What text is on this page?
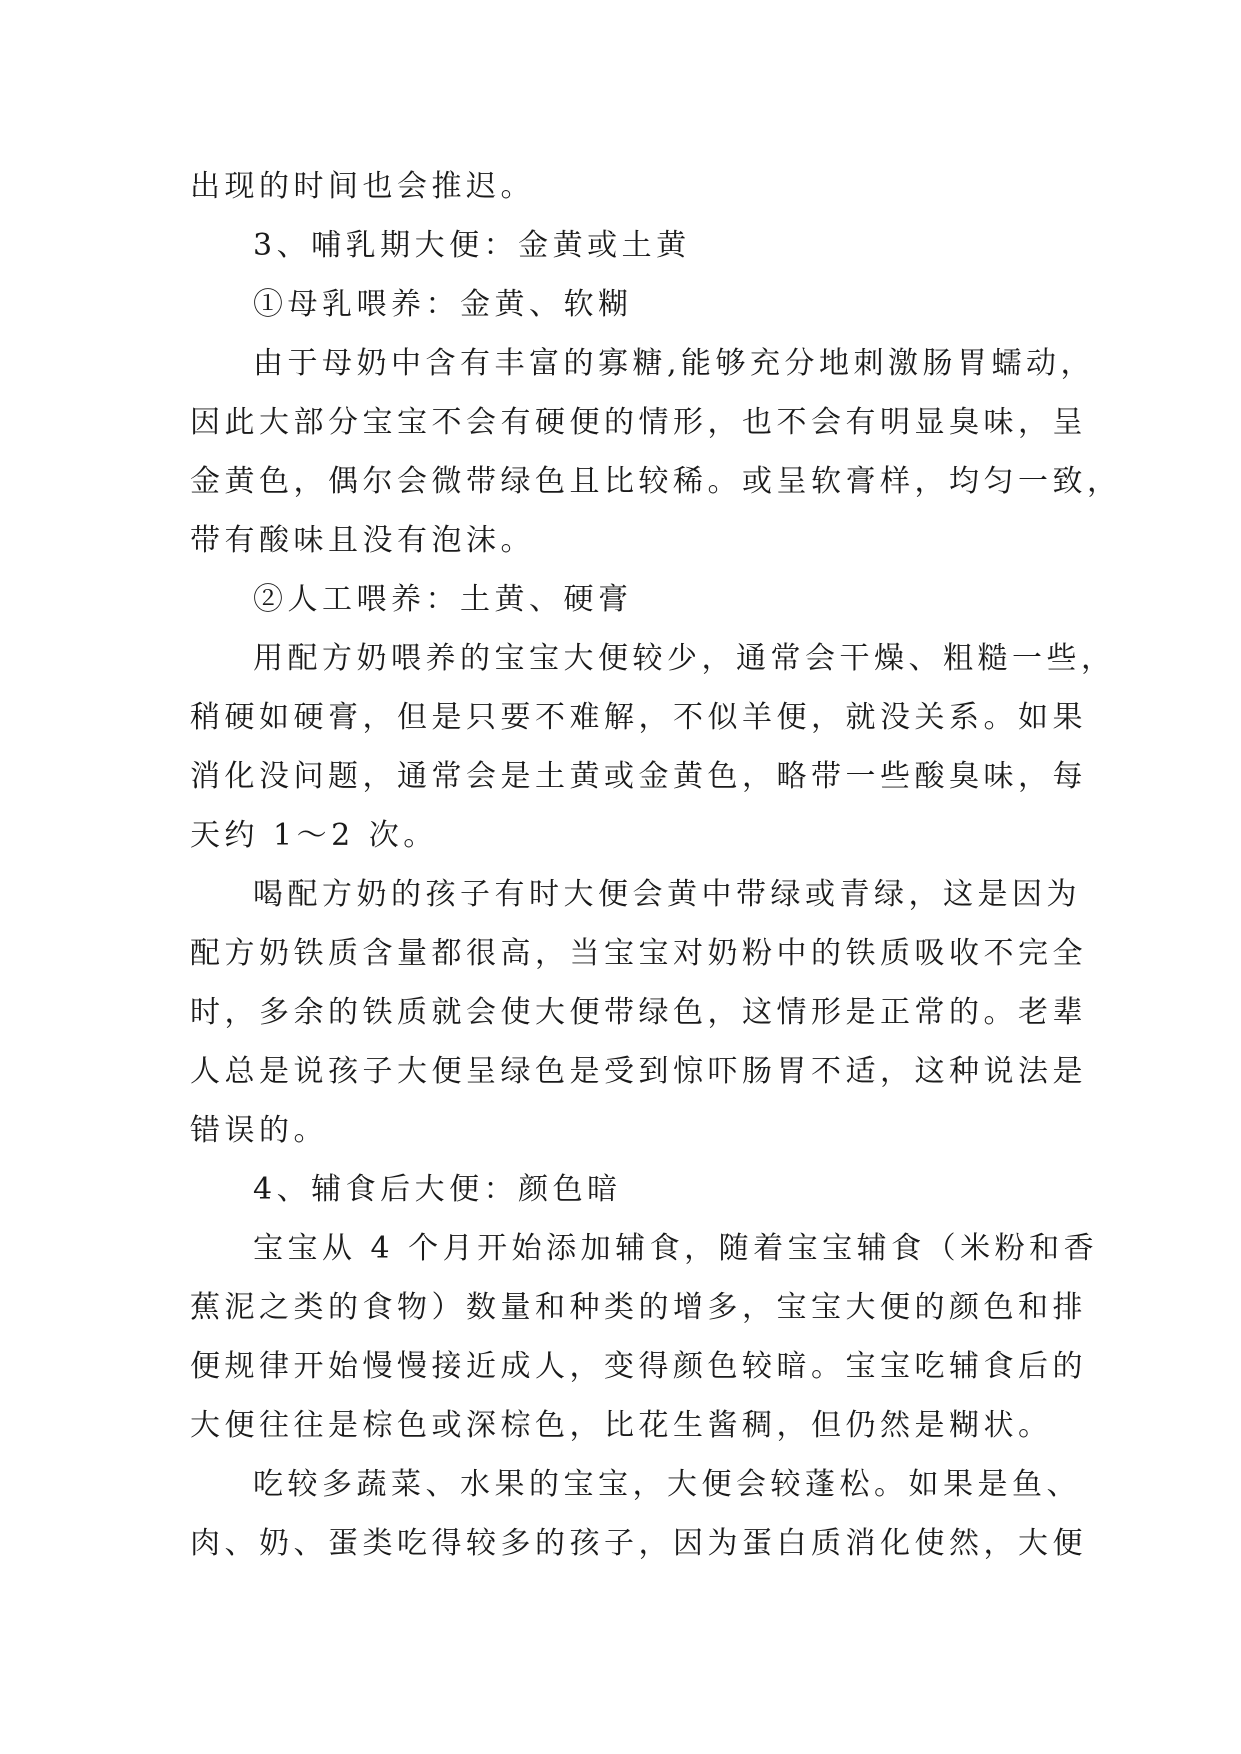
出现的时间也会推迟。
3、哺乳期大便：金黄或土黄
①母乳喂养：金黄、软糊
由于母奶中含有丰富的寡糖,能够充分地刺激肠胃蠕动，
因此大部分宝宝不会有硬便的情形，也不会有明显臭味，呈
金黄色，偶尔会微带绿色且比较稀。或呈软膏样，均匀一致，
带有酸味且没有泡沫。
②人工喂养：土黄、硬膏
用配方奶喂养的宝宝大便较少，通常会干燥、粗糙一些，
稍硬如硬膏，但是只要不难解，不似羊便，就没关系。如果
消化没问题，通常会是土黄或金黄色，略带一些酸臭味，每
天约 1～2 次。
喝配方奶的孩子有时大便会黄中带绿或青绿，这是因为
配方奶铁质含量都很高，当宝宝对奶粉中的铁质吸收不完全
时，多余的铁质就会使大便带绿色，这情形是正常的。老辈
人总是说孩子大便呈绿色是受到惊吓肠胃不适，这种说法是
错误的。
4、辅食后大便：颜色暗
宝宝从 4 个月开始添加辅食，随着宝宝辅食（米粉和香
蕉泥之类的食物）数量和种类的增多，宝宝大便的颜色和排
便规律开始慢慢接近成人，变得颜色较暗。宝宝吃辅食后的
大便往往是棕色或深棕色，比花生酱稠，但仍然是糊状。
吃较多蔬菜、水果的宝宝，大便会较蓬松。如果是鱼、
肉、奶、蛋类吃得较多的孩子，因为蛋白质消化使然，大便
